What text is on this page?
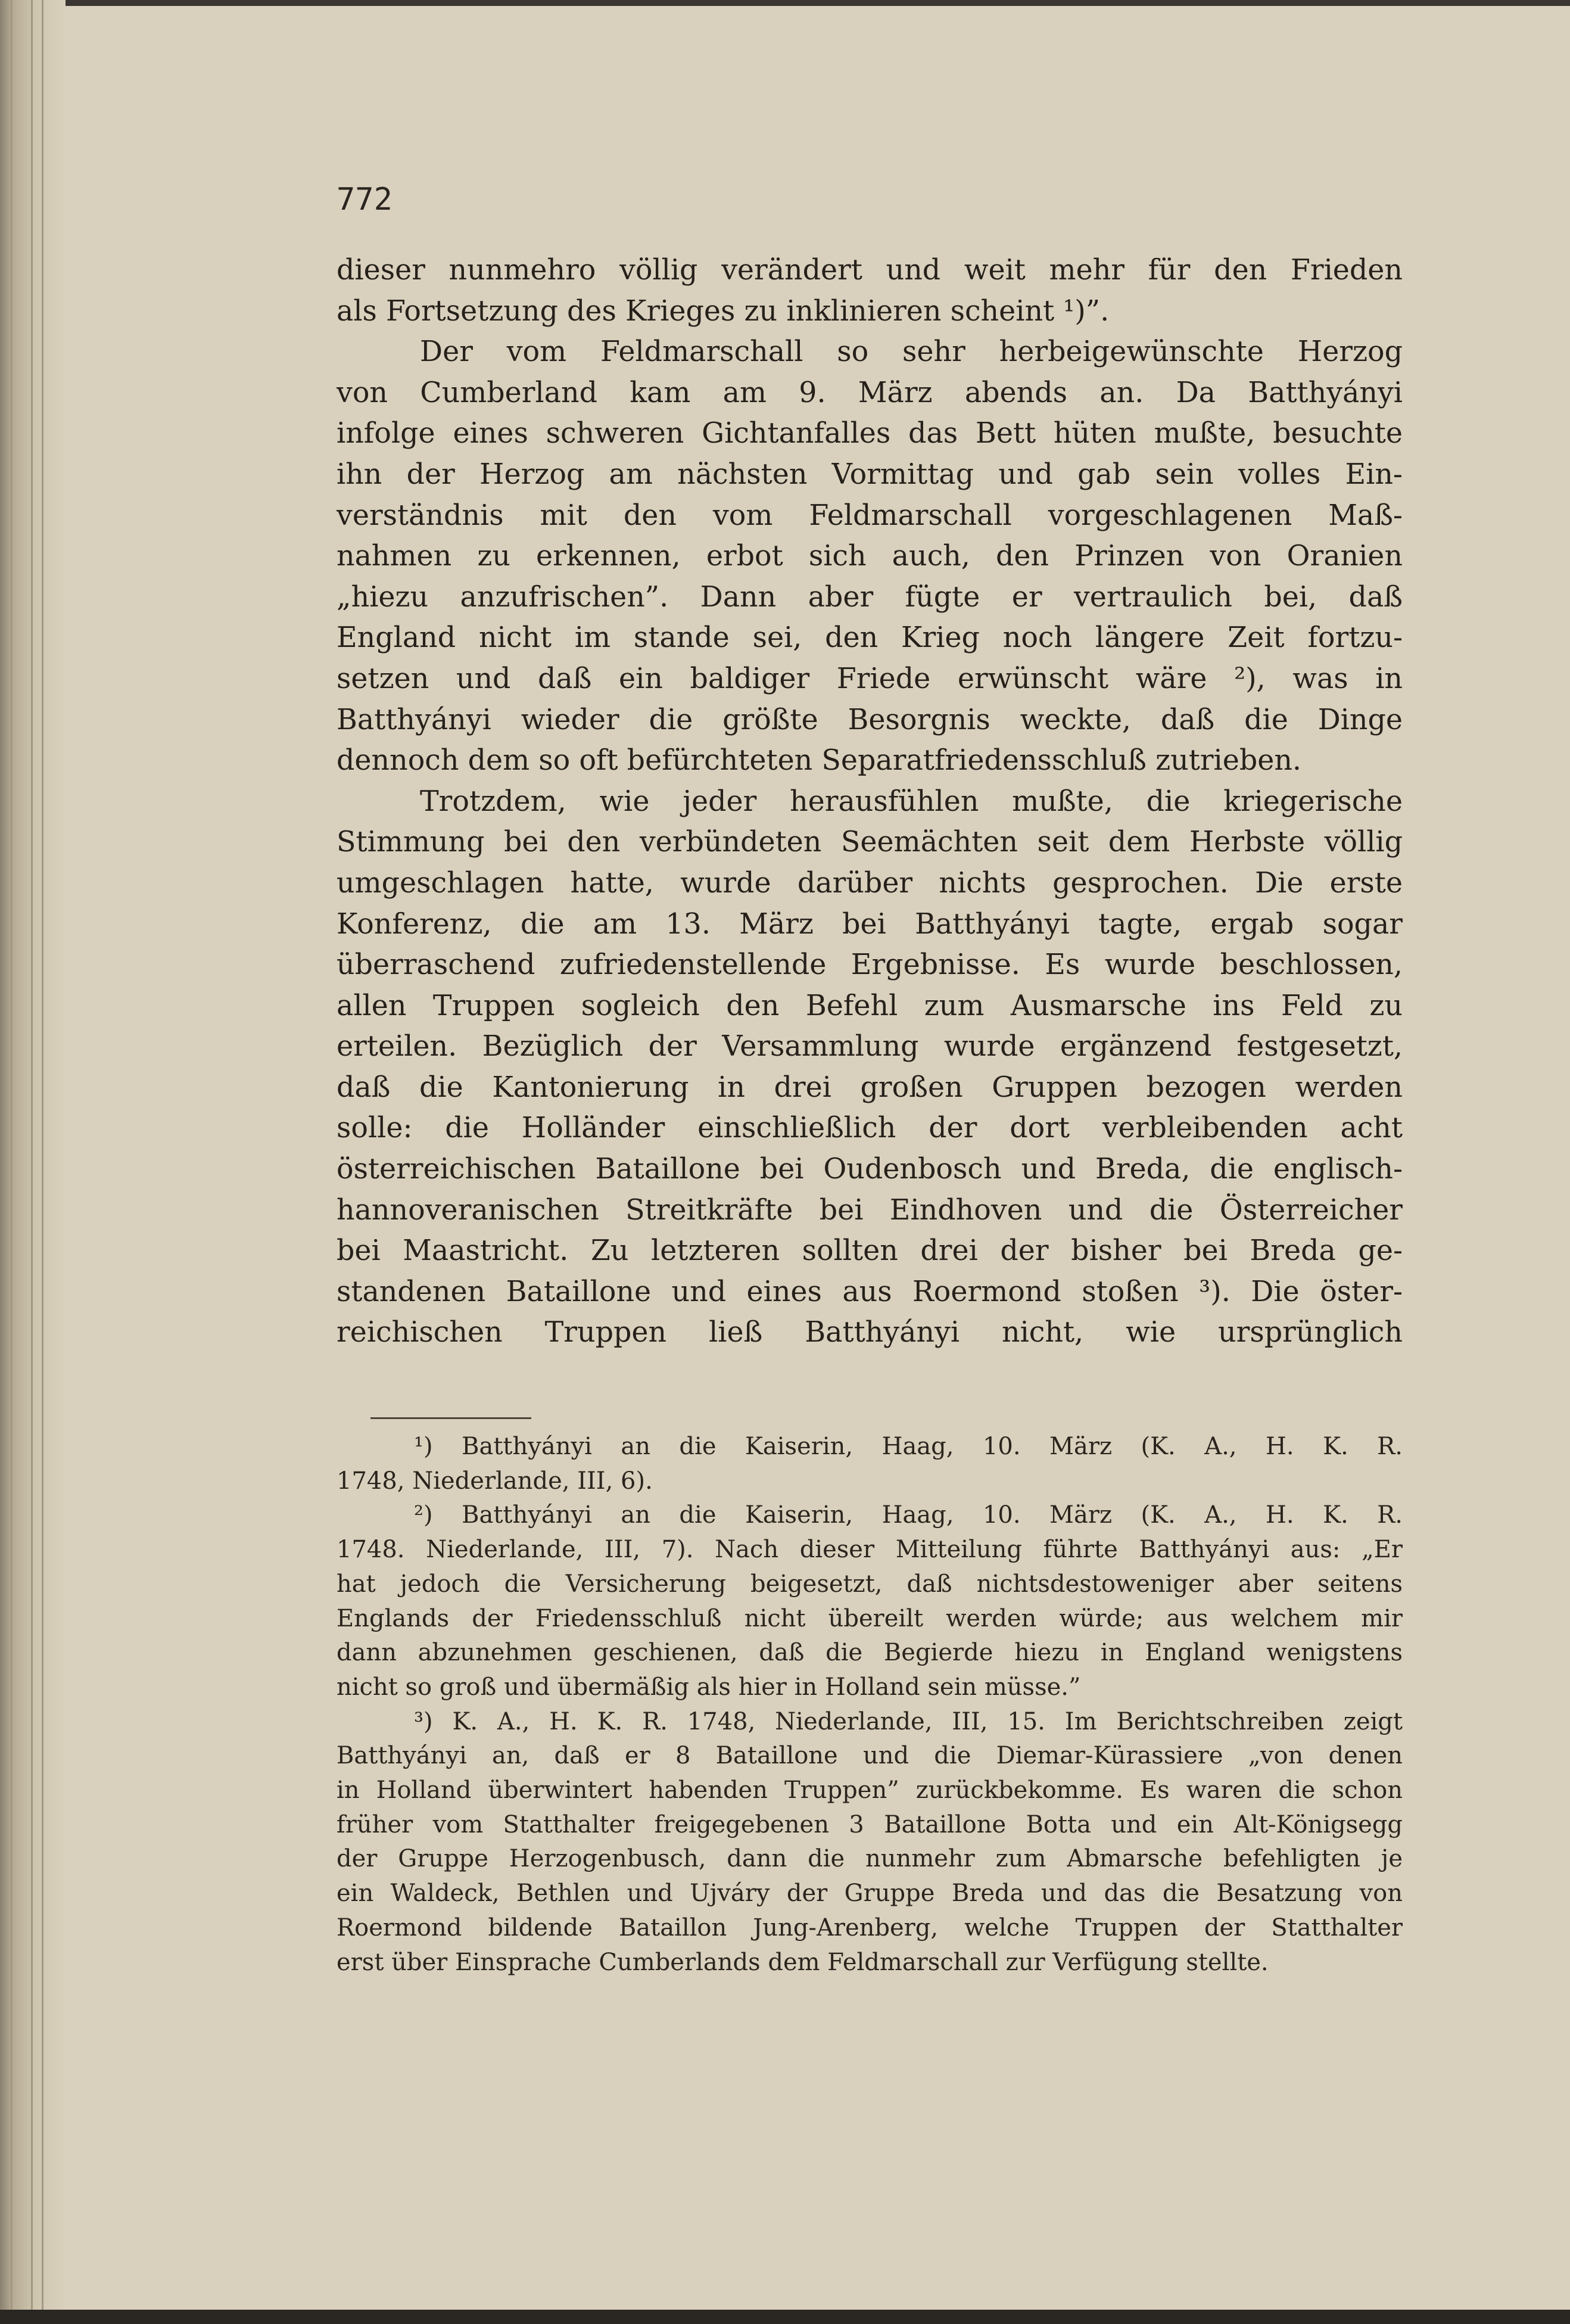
772
dieser nunmehro völlig verändert und weit mehr für den Frieden
als Fortsetzung des Krieges zu inklinieren scheint ¹)”.
Der vom Feldmarschall so sehr herbeigewünschte Herzog
von Cumberland kam am 9. März abends an. Da Batthyányi
infolge eines schweren Gichtanfalles das Bett hüten mußte, besuchte
ihn der Herzog am nächsten Vormittag und gab sein volles Ein-
verständnis mit den vom Feldmarschall vorgeschlagenen Maß-
nahmen zu erkennen, erbot sich auch, den Prinzen von Oranien
„hiezu anzufrischen”. Dann aber fügte er vertraulich bei, daß
England nicht im stande sei, den Krieg noch längere Zeit fortzu-
setzen und daß ein baldiger Friede erwünscht wäre ²), was in
Batthyányi wieder die größte Besorgnis weckte, daß die Dinge
dennoch dem so oft befürchteten Separatfriedensschluß zutrieben.
Trotzdem, wie jeder herausfühlen mußte, die kriegerische
Stimmung bei den verbündeten Seemächten seit dem Herbste völlig
umgeschlagen hatte, wurde darüber nichts gesprochen. Die erste
Konferenz, die am 13. März bei Batthyányi tagte, ergab sogar
überraschend zufriedenstellende Ergebnisse. Es wurde beschlossen,
allen Truppen sogleich den Befehl zum Ausmarsche ins Feld zu
erteilen. Bezüglich der Versammlung wurde ergänzend festgesetzt,
daß die Kantonierung in drei großen Gruppen bezogen werden
solle: die Holländer einschließlich der dort verbleibenden acht
österreichischen Bataillone bei Oudenbosch und Breda, die englisch-
hannoveranischen Streitkräfte bei Eindhoven und die Österreicher
bei Maastricht. Zu letzteren sollten drei der bisher bei Breda ge-
standenen Bataillone und eines aus Roermond stoßen ³). Die öster-
reichischen Truppen ließ Batthyányi nicht, wie ursprünglich
¹) Batthyányi an die Kaiserin, Haag, 10. März (K. A., H. K. R.
1748, Niederlande, III, 6).
²) Batthyányi an die Kaiserin, Haag, 10. März (K. A., H. K. R.
1748. Niederlande, III, 7). Nach dieser Mitteilung führte Batthyányi aus: „Er
hat jedoch die Versicherung beigesetzt, daß nichtsdestoweniger aber seitens
Englands der Friedensschluß nicht übereilt werden würde; aus welchem mir
dann abzunehmen geschienen, daß die Begierde hiezu in England wenigstens
nicht so groß und übermäßig als hier in Holland sein müsse.”
³) K. A., H. K. R. 1748, Niederlande, III, 15. Im Berichtschreiben zeigt
Batthyányi an, daß er 8 Bataillone und die Diemar-Kürassiere „von denen
in Holland überwintert habenden Truppen” zurückbekomme. Es waren die schon
früher vom Statthalter freigegebenen 3 Bataillone Botta und ein Alt-Königsegg
der Gruppe Herzogenbusch, dann die nunmehr zum Abmarsche befehligten je
ein Waldeck, Bethlen und Ujváry der Gruppe Breda und das die Besatzung von
Roermond bildende Bataillon Jung-Arenberg, welche Truppen der Statthalter
erst über Einsprache Cumberlands dem Feldmarschall zur Verfügung stellte.
